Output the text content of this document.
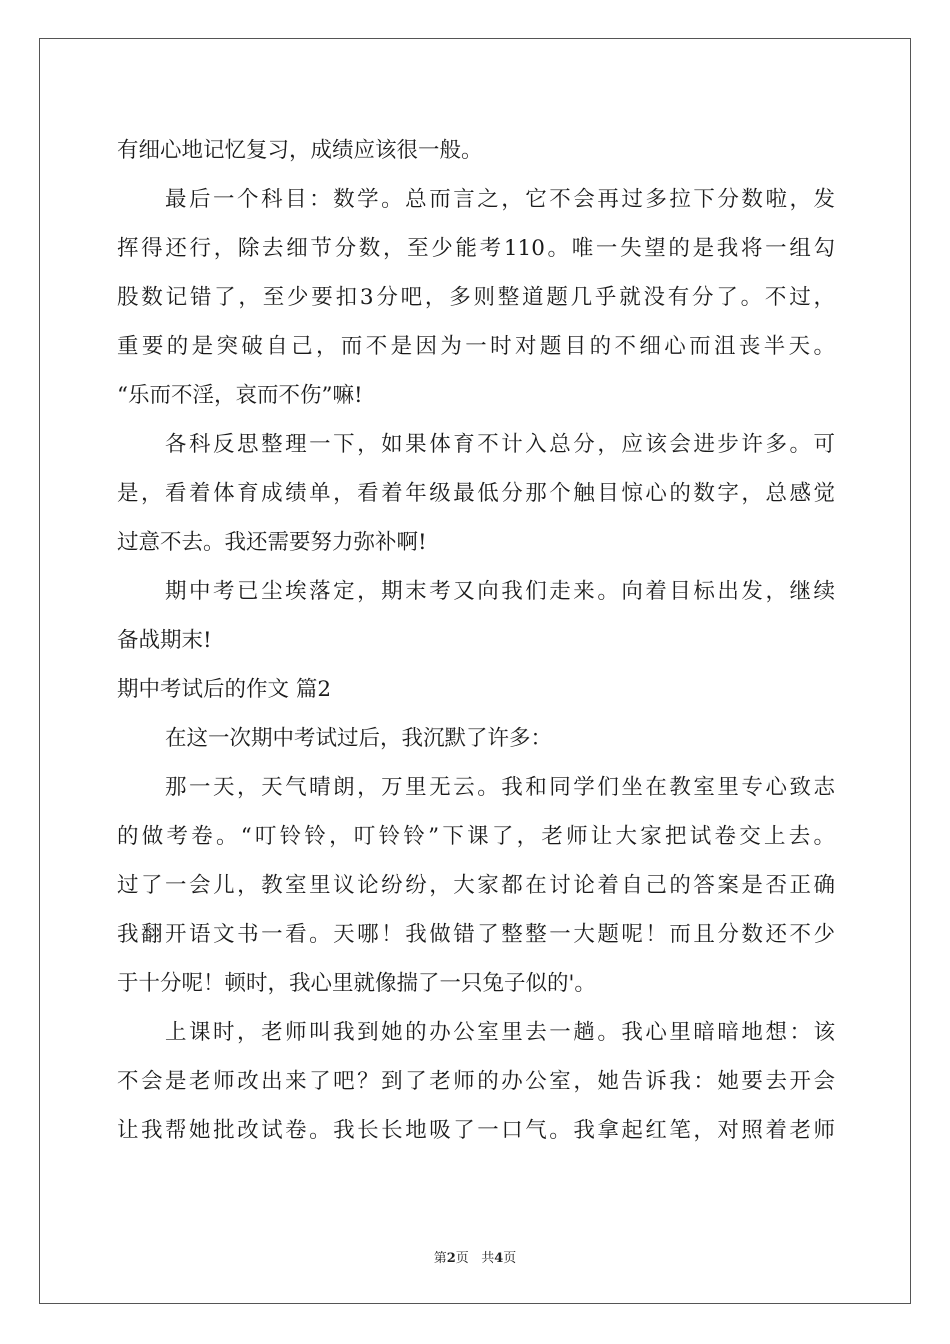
有细心地记忆复习，成绩应该很一般。
最后一个科目：数学。总而言之，它不会再过多拉下分数啦，发
挥得还行，除去细节分数，至少能考110。唯一失望的是我将一组勾
股数记错了，至少要扣3分吧，多则整道题几乎就没有分了。不过，
重要的是突破自己，而不是因为一时对题目的不细心而沮丧半天。
“乐而不淫，哀而不伤”嘛!
各科反思整理一下，如果体育不计入总分，应该会进步许多。可
是，看着体育成绩单，看着年级最低分那个触目惊心的数字，总感觉
过意不去。我还需要努力弥补啊!
期中考已尘埃落定，期末考又向我们走来。向着目标出发，继续
备战期末!
期中考试后的作文 篇2
在这一次期中考试过后，我沉默了许多：
那一天，天气晴朗，万里无云。我和同学们坐在教室里专心致志
的做考卷。“叮铃铃，叮铃铃”下课了，老师让大家把试卷交上去。
过了一会儿，教室里议论纷纷，大家都在讨论着自己的答案是否正确
我翻开语文书一看。天哪！我做错了整整一大题呢！而且分数还不少
于十分呢！顿时，我心里就像揣了一只兔子似的'。
上课时，老师叫我到她的办公室里去一趟。我心里暗暗地想：该
不会是老师改出来了吧？到了老师的办公室，她告诉我：她要去开会
让我帮她批改试卷。我长长地吸了一口气。我拿起红笔，对照着老师
第2页 共4页
